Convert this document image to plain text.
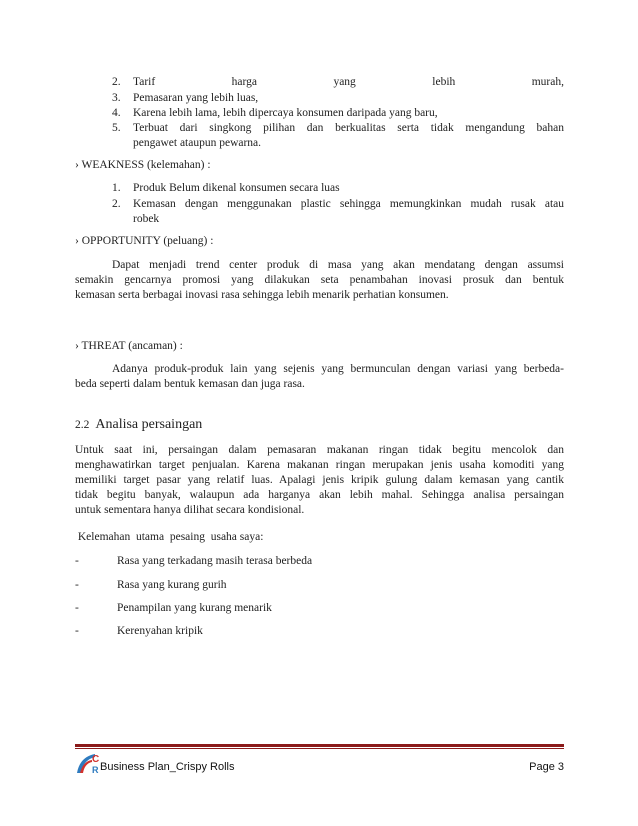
2. Tarif harga yang lebih murah,
3. Pemasaran yang lebih luas,
4. Karena lebih lama, lebih dipercaya konsumen daripada yang baru,
5. Terbuat dari singkong pilihan dan berkualitas serta tidak mengandung bahan
pengawet ataupun pewarna.
› WEAKNESS (kelemahan) :
1. Produk Belum dikenal konsumen secara luas
2. Kemasan dengan menggunakan plastic sehingga memungkinkan mudah rusak atau
robek
› OPPORTUNITY (peluang) :
Dapat menjadi trend center produk di masa yang akan mendatang dengan assumsi
semakin gencarnya promosi yang dilakukan seta penambahan inovasi prosuk dan bentuk
kemasan serta berbagai inovasi rasa sehingga lebih menarik perhatian konsumen.
› THREAT (ancaman) :
Adanya produk-produk lain yang sejenis yang bermunculan dengan variasi yang berbeda-
beda seperti dalam bentuk kemasan dan juga rasa.
2.2 Analisa persaingan
Untuk saat ini, persaingan dalam pemasaran makanan ringan tidak begitu mencolok dan
menghawatirkan target penjualan. Karena makanan ringan merupakan jenis usaha komoditi yang
memiliki target pasar yang relatif luas. Apalagi jenis kripik gulung dalam kemasan yang cantik
tidak begitu banyak, walaupun ada harganya akan lebih mahal. Sehingga analisa persaingan
untuk sementara hanya dilihat secara kondisional.
Kelemahan  utama  pesaing  usaha saya:
-	Rasa yang terkadang masih terasa berbeda
-	Rasa yang kurang gurih
-	Penampilan yang kurang menarik
-	Kerenyahan kripik
C
R Business Plan_Crispy Rolls	Page 3
